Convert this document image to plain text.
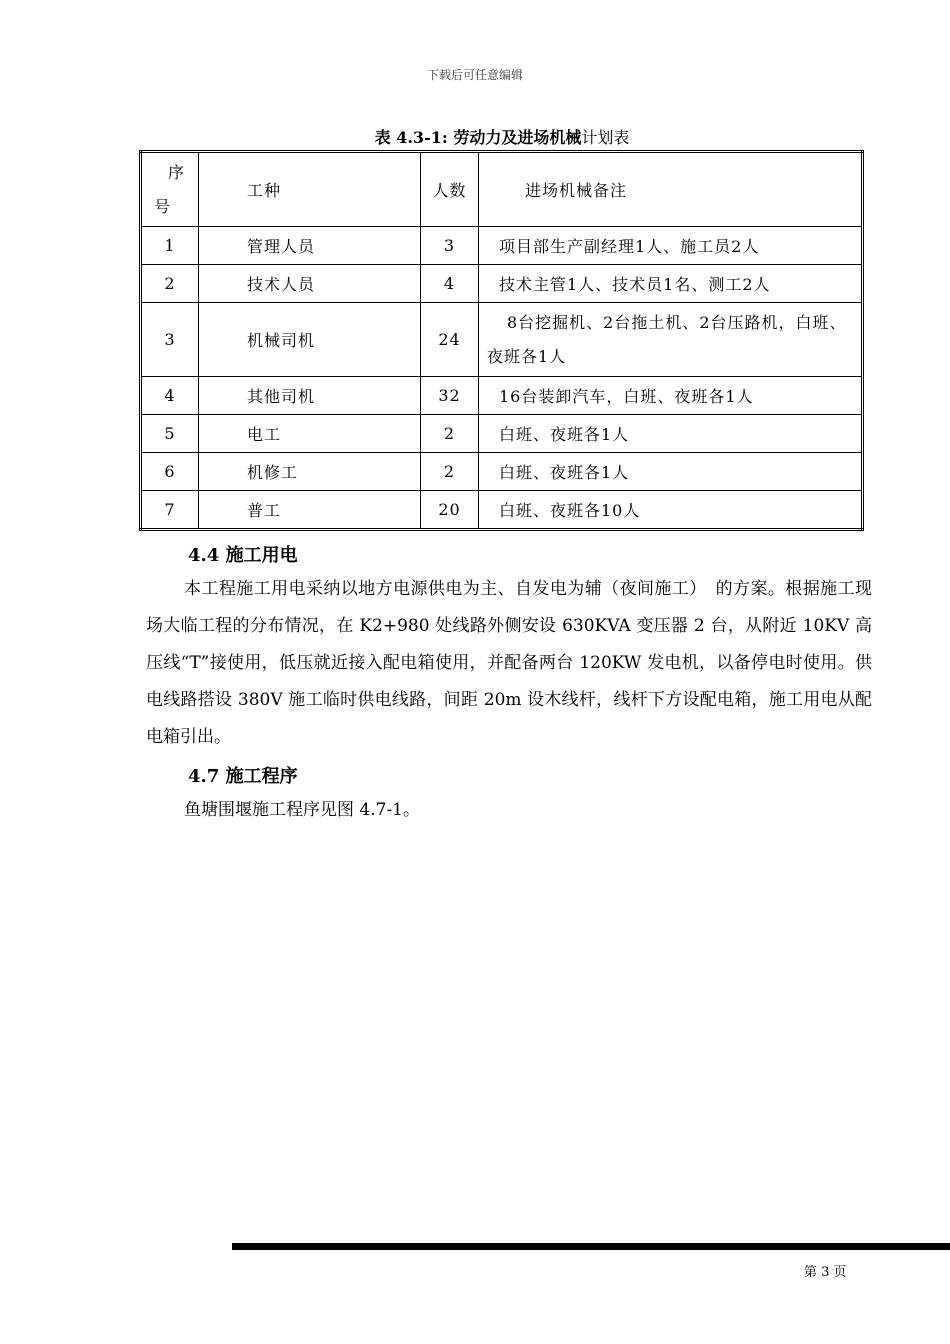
下载后可任意编辑
表 4.3-1: 劳动力及进场机械计划表
序
号	工种	人数	进场机械备注
1	管理人员	3	项目部生产副经理1人、施工员2人
2	技术人员	4	技术主管1人、技术员1名、测工2人
3	机械司机	24	8台挖掘机、2台拖土机、2台压路机，白班、
夜班各1人

4	其他司机	32	16台装卸汽车，白班、夜班各1人
5	电工	2	白班、夜班各1人
6	机修工	2	白班、夜班各1人
7	普工	20	白班、夜班各10人
4.4 施工用电

本工程施工用电采纳以地方电源供电为主、自发电为辅（夜间施工）　的方案。根据施工现场大临工程的分布情况，在 K2+980 处线路外侧安设 630KVA 变压器 2 台，从附近 10KV 高压线“T”接使用，低压就近接入配电箱使用，并配备两台 120KW 发电机，以备停电时使用。供电线路搭设 380V 施工临时供电线路，间距 20m 设木线杆，线杆下方设配电箱，施工用电从配电箱引出。

4.7 施工程序

鱼塘围堰施工程序见图 4.7-1。

第 3 页
